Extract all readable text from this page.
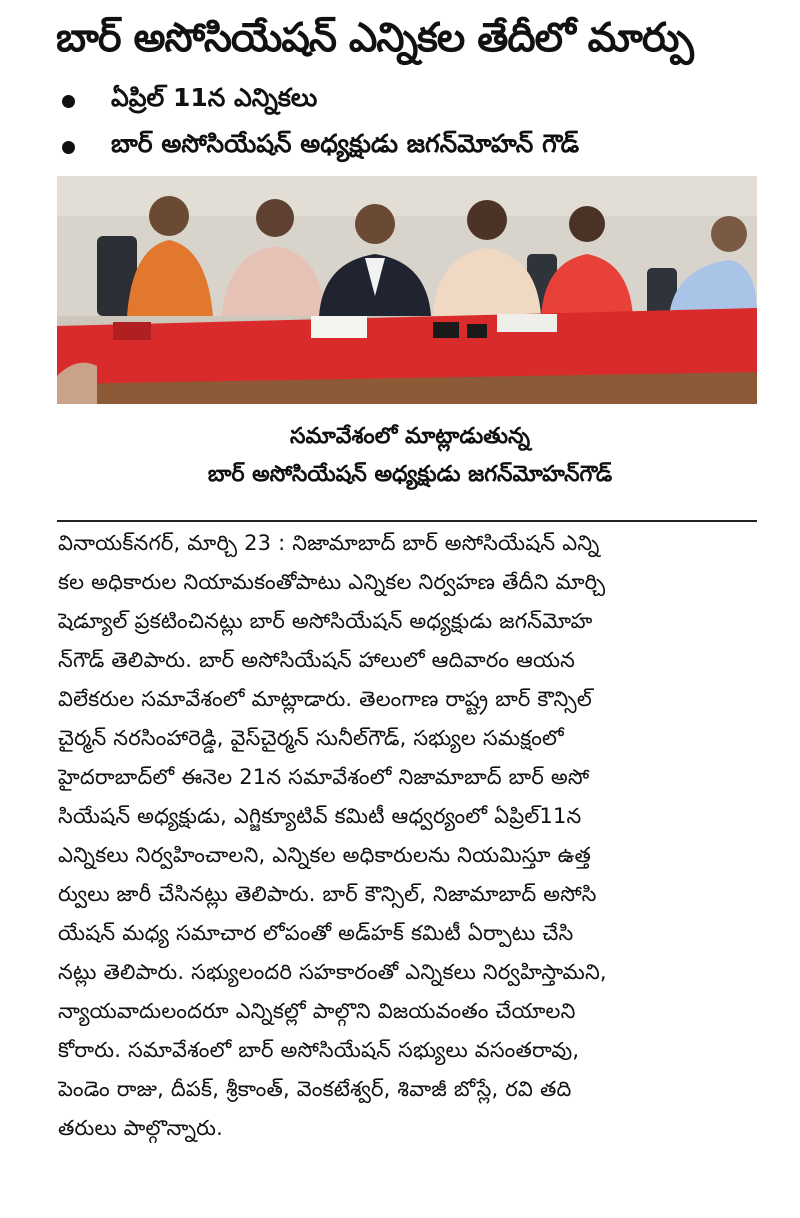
బార్ అసోసియేషన్ ఎన్నికల తేదీలో మార్పు
ఏప్రిల్ 11న ఎన్నికలు
బార్ అసోసియేషన్ అధ్యక్షుడు జగన్‌మోహన్ గౌడ్
సమావేశంలో మాట్లాడుతున్న
బార్ అసోసియేషన్ అధ్యక్షుడు జగన్‌మోహన్‌గౌడ్
వినాయక్‌నగర్, మార్చి 23 : నిజామాబాద్ బార్ అసోసియేషన్ ఎన్ని
కల అధికారుల నియామకంతోపాటు ఎన్నికల నిర్వహణ తేదీని మార్చి
షెడ్యూల్ ప్రకటించినట్లు బార్ అసోసియేషన్ అధ్యక్షుడు జగన్‌మోహ
న్‌గౌడ్ తెలిపారు. బార్ అసోసియేషన్ హాలులో ఆదివారం ఆయన
విలేకరుల సమావేశంలో మాట్లాడారు. తెలంగాణ రాష్ట్ర బార్ కౌన్సిల్
చైర్మన్ నరసింహారెడ్డి, వైస్‌చైర్మన్ సునీల్‌గౌడ్, సభ్యుల సమక్షంలో
హైదరాబాద్‌లో ఈనెల 21న సమావేశంలో నిజామాబాద్ బార్ అసో
సియేషన్ అధ్యక్షుడు, ఎగ్జిక్యూటివ్ కమిటీ ఆధ్వర్యంలో ఏప్రిల్11న
ఎన్నికలు నిర్వహించాలని, ఎన్నికల అధికారులను నియమిస్తూ ఉత్త
ర్వులు జారీ చేసినట్లు తెలిపారు. బార్ కౌన్సిల్, నిజామాబాద్ అసోసి
యేషన్ మధ్య సమాచార లోపంతో అడ్‌హక్ కమిటీ ఏర్పాటు చేసి
నట్లు తెలిపారు. సభ్యులందరి సహకారంతో ఎన్నికలు నిర్వహిస్తామని,
న్యాయవాదులందరూ ఎన్నికల్లో పాల్గొని విజయవంతం చేయాలని
కోరారు. సమావేశంలో బార్ అసోసియేషన్ సభ్యులు వసంతరావు,
పెండెం రాజు, దీపక్, శ్రీకాంత్, వెంకటేశ్వర్, శివాజీ బోస్లే, రవి తది
తరులు పాల్గొన్నారు.
